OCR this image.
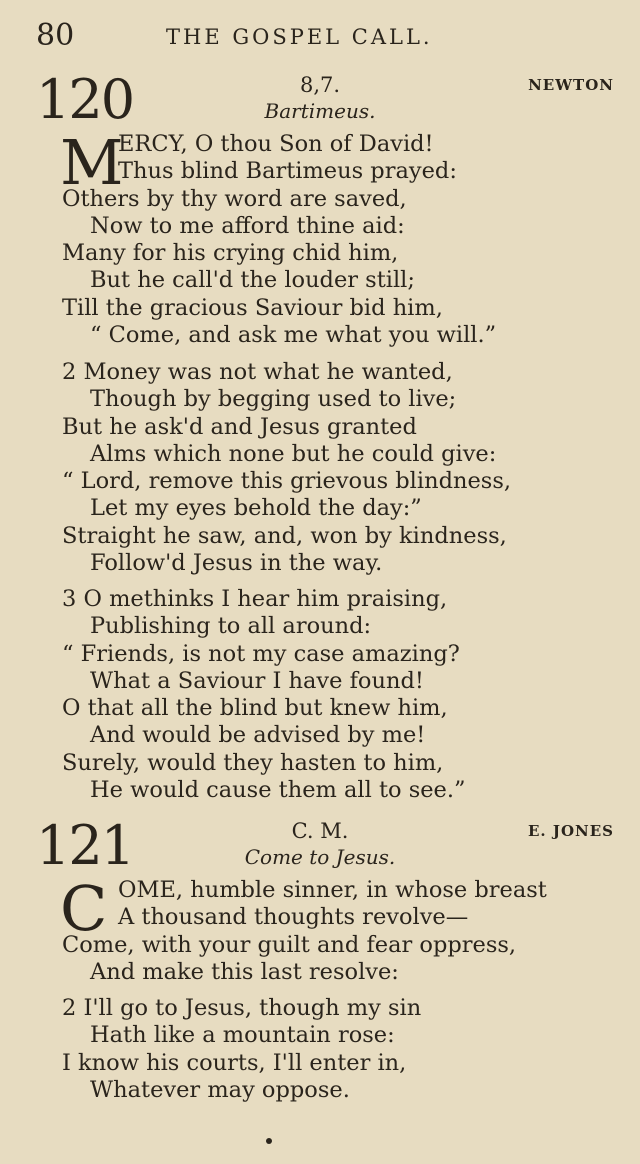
80	THE GOSPEL CALL.
120	8,7.	NEWTON
Bartimeus.
M
ERCY, O thou Son of David!
Thus blind Bartimeus prayed:
Others by thy word are saved,
Now to me afford thine aid:
Many for his crying chid him,
But he call'd the louder still;
Till the gracious Saviour bid him,
“ Come, and ask me what you will.”
2 Money was not what he wanted,
Though by begging used to live;
But he ask'd and Jesus granted
Alms which none but he could give:
“ Lord, remove this grievous blindness,
Let my eyes behold the day:”
Straight he saw, and, won by kindness,
Follow'd Jesus in the way.
3 O methinks I hear him praising,
Publishing to all around:
“ Friends, is not my case amazing?
What a Saviour I have found!
O that all the blind but knew him,
And would be advised by me!
Surely, would they hasten to him,
He would cause them all to see.”
121	C. M.	E. JONES
Come to Jesus.
C OME, humble sinner, in whose breast
A thousand thoughts revolve—
Come, with your guilt and fear oppress,
And make this last resolve:
2 I'll go to Jesus, though my sin
Hath like a mountain rose:
I know his courts, I'll enter in,
Whatever may oppose.
